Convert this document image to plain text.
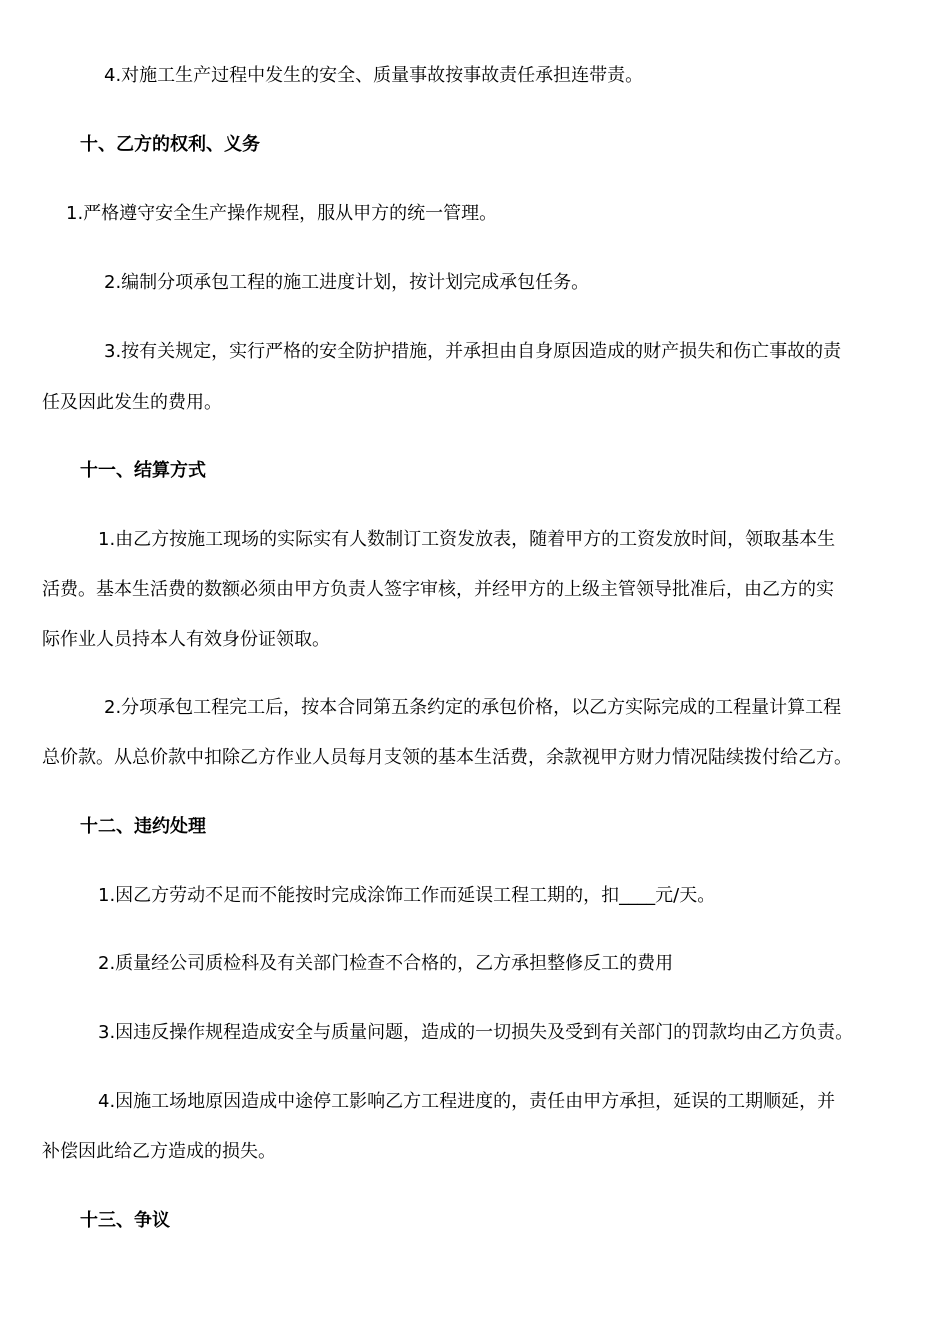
4.对施工生产过程中发生的安全、质量事故按事故责任承担连带责。
十、乙方的权利、义务
1.严格遵守安全生产操作规程，服从甲方的统一管理。
2.编制分项承包工程的施工进度计划，按计划完成承包任务。
3.按有关规定，实行严格的安全防护措施，并承担由自身原因造成的财产损失和伤亡事故的责
任及因此发生的费用。
十一、结算方式
1.由乙方按施工现场的实际实有人数制订工资发放表，随着甲方的工资发放时间，领取基本生
活费。基本生活费的数额必须由甲方负责人签字审核，并经甲方的上级主管领导批准后，由乙方的实
际作业人员持本人有效身份证领取。
2.分项承包工程完工后，按本合同第五条约定的承包价格，以乙方实际完成的工程量计算工程
总价款。从总价款中扣除乙方作业人员每月支领的基本生活费，余款视甲方财力情况陆续拨付给乙方。
十二、违约处理
1.因乙方劳动不足而不能按时完成涂饰工作而延误工程工期的，扣____元/天。
2.质量经公司质检科及有关部门检查不合格的，乙方承担整修反工的费用
3.因违反操作规程造成安全与质量问题，造成的一切损失及受到有关部门的罚款均由乙方负责。
4.因施工场地原因造成中途停工影响乙方工程进度的，责任由甲方承担，延误的工期顺延，并
补偿因此给乙方造成的损失。
十三、争议
